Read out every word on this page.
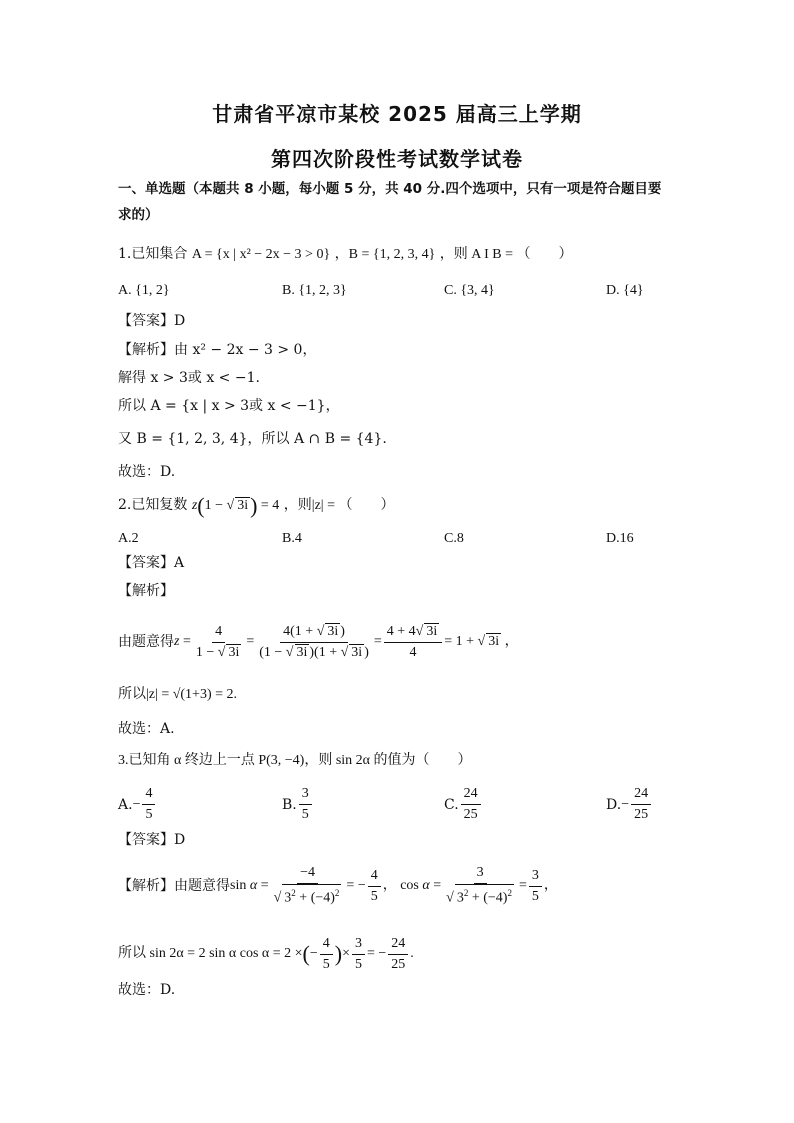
甘肃省平凉市某校 2025 届高三上学期
第四次阶段性考试数学试卷
一、单选题（本题共 8 小题，每小题 5 分，共 40 分.四个选项中，只有一项是符合题目要
求的）
1.已知集合 A = {x | x² − 2x − 3 > 0} ，B = {1, 2, 3, 4} ，则 A I B = （　　）
A. {1, 2}	B. {1, 2, 3}	C. {3, 4}	D. {4}
【答案】D
【解析】由 x² − 2x − 3 > 0，
解得 x > 3或 x < −1.
所以 A = {x | x > 3或 x < −1}，
又 B = {1, 2, 3, 4}，所以 A ∩ B = {4}.
故选：D.
2.已知复数 z(1 − √ 3i) = 4 ，则|z| = （　　）
A.2	B.4	C.8	D.16
【答案】A
【解析】
由题意得 $z = \frac{4}{1 - √ 3i} = \frac{4(1 + √ 3i )}{(1 - √ 3i )(1 + √ 3i )} = \frac{4 + 4√ 3i}{4} = 1$ + √ 3i ，
所以|z| = √(1+3) = 2.
故选：A.
3.已知角 α 终边上一点 P(3, −4)，则 sin 2α 的值为（　　）
A. − $\frac{4}{5}$	B. $\frac{3}{5}$	C. $\frac{24}{25}$	D. − $\frac{24}{25}$
【答案】D
【解析】由题意得 $\sin \alpha = \frac{-4}{√ 3^2 + (-4)^2}$ = − $\frac{4}{5}$ ， $\cos \alpha = \frac{3}{√ 3^2 + (-4)^2} = \frac{3}{5}$ ，
所以 sin 2α = 2 sin α cos α = 2 × ( − $\frac{4}{5}$ ) × $\frac{3}{5}$ = − $\frac{24}{25}$ .
故选：D.
